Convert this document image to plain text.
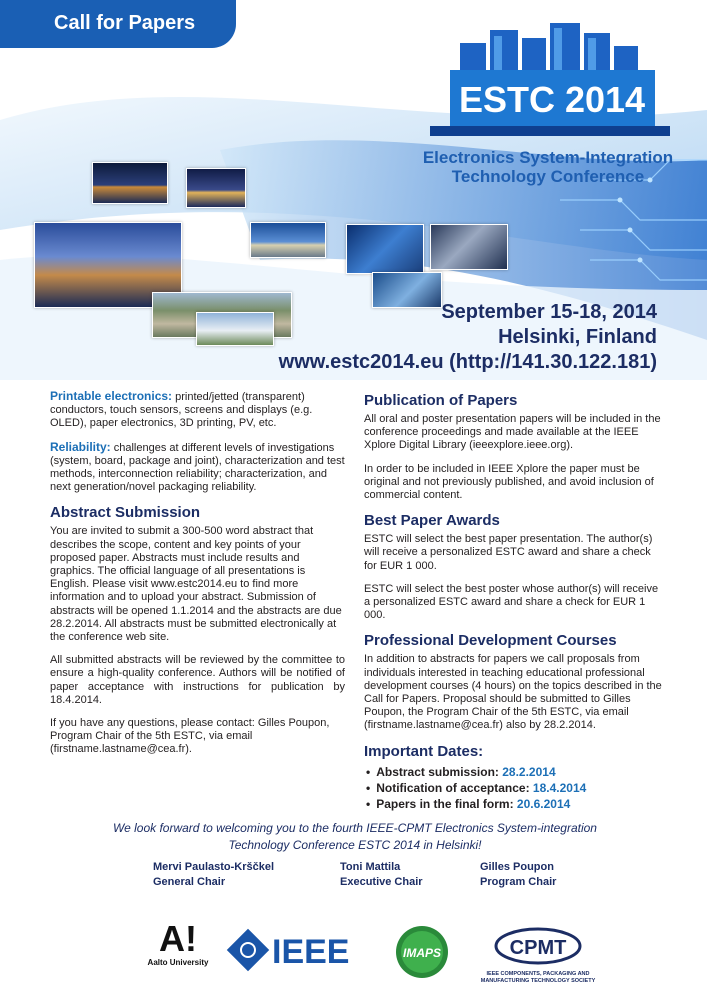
Call for Papers
ESTC 2014
Electronics System-Integration
Technology Conference
September 15-18, 2014
Helsinki, Finland
www.estc2014.eu (http://141.30.122.181)

Printable electronics: printed/jetted (transparent) conductors, touch sensors, screens and displays (e.g. OLED), paper electronics, 3D printing, PV, etc.

Reliability: challenges at different levels of investigations (system, board, package and joint), characterization and test methods, interconnection reliability; characterization, and next generation/novel packaging reliability.

Abstract Submission

You are invited to submit a 300-500 word abstract that describes the scope, content and key points of your proposed paper. Abstracts must include results and graphics. The official language of all presentations is English. Please visit www.estc2014.eu to find more information and to upload your abstract. Submission of abstracts will be opened 1.1.2014 and the abstracts are due 28.2.2014. All abstracts must be submitted electronically at the conference web site.

All submitted abstracts will be reviewed by the committee to ensure a high-quality conference. Authors will be notified of paper acceptance with instructions for publication by 18.4.2014.

If you have any questions, please contact: Gilles Poupon, Program Chair of the 5th ESTC, via email (firstname.lastname@cea.fr).

Publication of Papers

All oral and poster presentation papers will be included in the conference proceedings and made available at the IEEE Xplore Digital Library (ieeexplore.ieee.org).

In order to be included in IEEE Xplore the paper must be original and not previously published, and avoid inclusion of commercial content.

Best Paper Awards

ESTC will select the best paper presentation. The author(s) will receive a personalized ESTC award and share a check for EUR 1 000.

ESTC will select the best poster whose author(s) will receive a personalized ESTC award and share a check for EUR 1 000.

Professional Development Courses

In addition to abstracts for papers we call proposals from individuals interested in teaching educational professional development courses (4 hours) on the topics described in the Call for Papers. Proposal should be submitted to Gilles Poupon, the Program Chair of the 5th ESTC, via email (firstname.lastname@cea.fr) also by 28.2.2014.

Important Dates:
• Abstract submission: 28.2.2014
• Notification of acceptance: 18.4.2014
• Papers in the final form: 20.6.2014
We look forward to welcoming you to the fourth IEEE-CPMT Electronics System-integration
Technology Conference ESTC 2014 in Helsinki!
Mervi Paulasto-Krščkel
General Chair
Toni Mattila
Executive Chair
Gilles Poupon
Program Chair
A!
Aalto University IEEE	IMAPS	CPMT
IEEE COMPONENTS, PACKAGING AND
MANUFACTURING TECHNOLOGY SOCIETY
